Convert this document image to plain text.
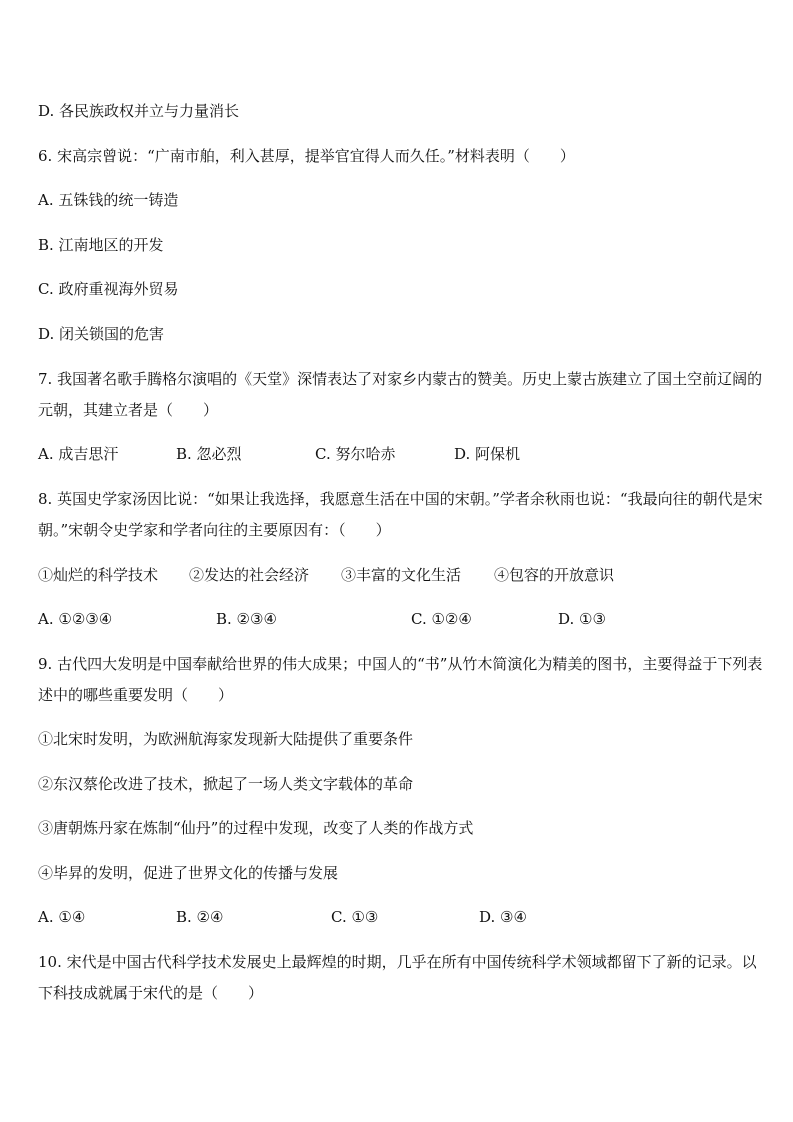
D. 各民族政权并立与力量消长
6. 宋高宗曾说：“广南市舶，利入甚厚，提举官宜得人而久任。”材料表明（　　）
A. 五铢钱的统一铸造
B. 江南地区的开发
C. 政府重视海外贸易
D. 闭关锁国的危害
7. 我国著名歌手腾格尔演唱的《天堂》深情表达了对家乡内蒙古的赞美。历史上蒙古族建立了国土空前辽阔的元朝，其建立者是（　　）
A. 成吉思汗	B. 忽必烈	C. 努尔哈赤	D. 阿保机
8. 英国史学家汤因比说：“如果让我选择，我愿意生活在中国的宋朝。”学者余秋雨也说：“我最向往的朝代是宋朝。”宋朝令史学家和学者向往的主要原因有：（　　）
①灿烂的科学技术	②发达的社会经济	③丰富的文化生活	④包容的开放意识
A. ①②③④	B. ②③④	C. ①②④	D. ①③
9. 古代四大发明是中国奉献给世界的伟大成果；中国人的“书”从竹木简演化为精美的图书，主要得益于下列表述中的哪些重要发明（　　）
①北宋时发明，为欧洲航海家发现新大陆提供了重要条件
②东汉蔡伦改进了技术，掀起了一场人类文字载体的革命
③唐朝炼丹家在炼制“仙丹”的过程中发现，改变了人类的作战方式
④毕昇的发明，促进了世界文化的传播与发展
A. ①④	B. ②④	C. ①③	D. ③④
10. 宋代是中国古代科学技术发展史上最辉煌的时期，几乎在所有中国传统科学术领域都留下了新的记录。以下科技成就属于宋代的是（　　）
